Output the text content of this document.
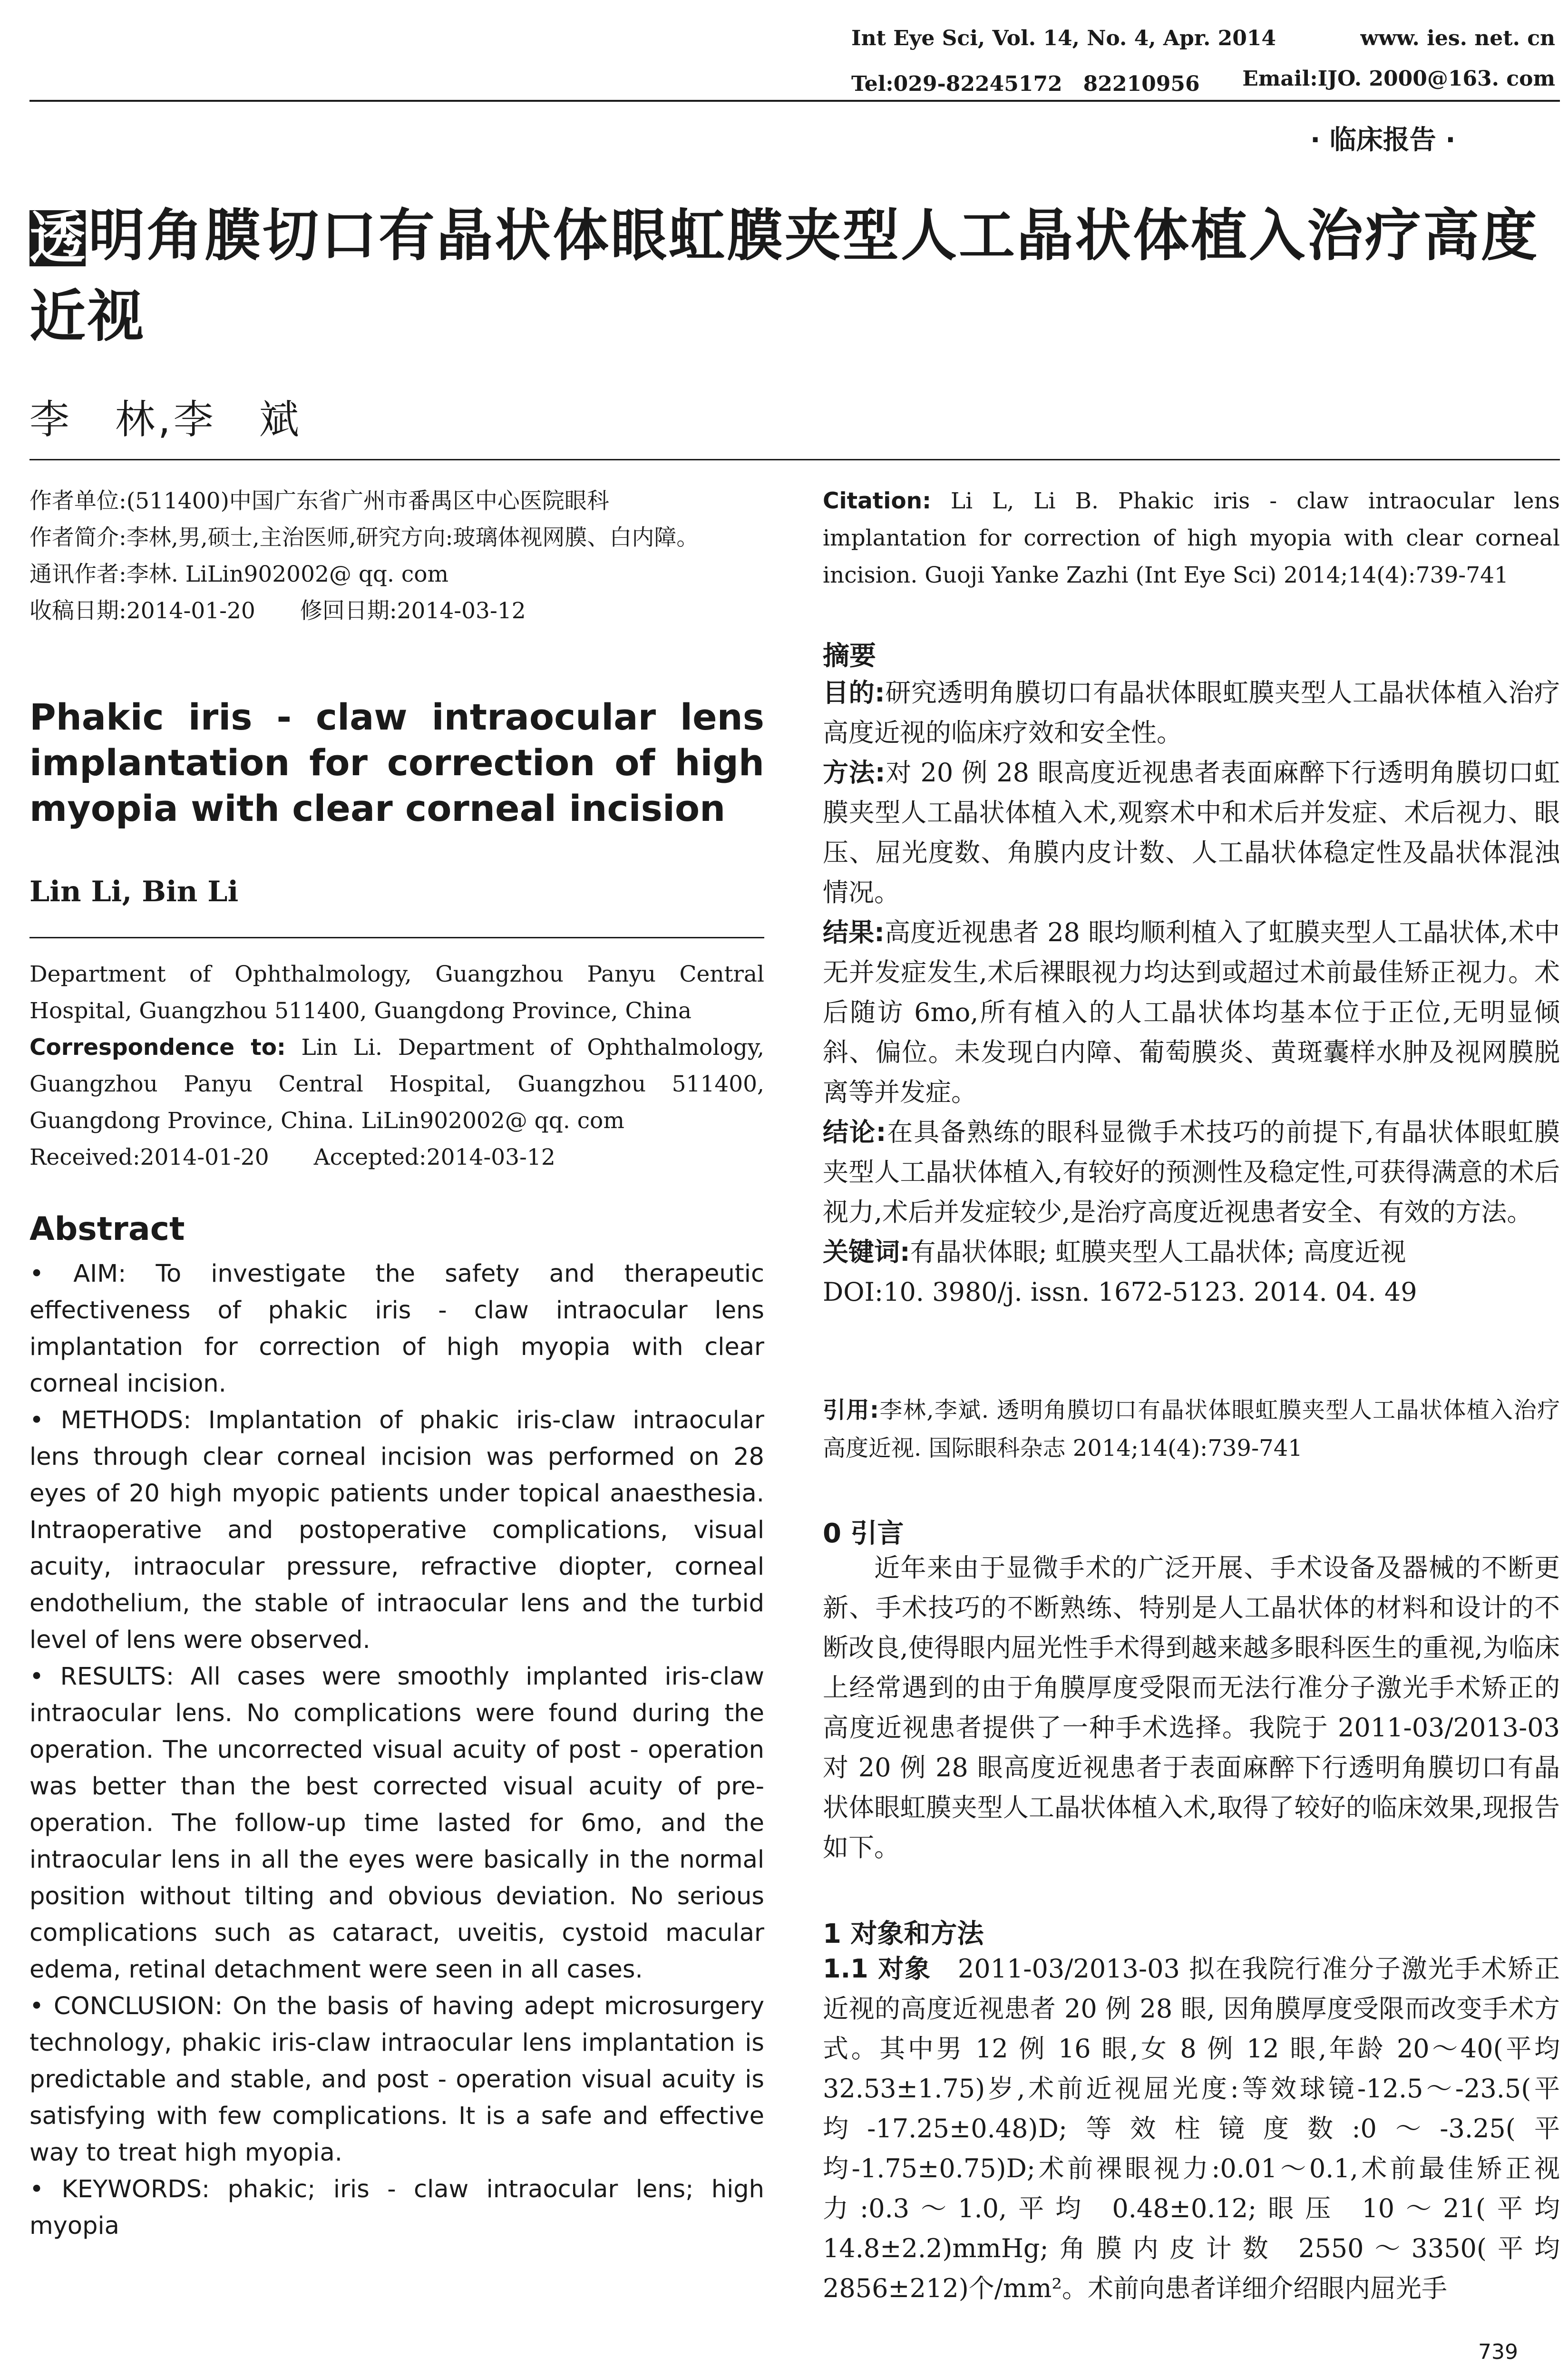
Int Eye Sci, Vol. 14, No. 4, Apr. 2014	www. ies. net. cn
Tel:029-82245172　82210956 Email:IJO. 2000@163. com
· 临床报告 ·
透明角膜切口有晶状体眼虹膜夹型人工晶状体植入治疗高度近视
李　林,李　斌

作者单位:(511400)中国广东省广州市番禺区中心医院眼科

作者简介:李林,男,硕士,主治医师,研究方向:玻璃体视网膜、白内障。

通讯作者:李林. LiLin902002@ qq. com

收稿日期:2014-01-20　　修回日期:2014-03-12

Phakic iris - claw intraocular lens implantation for correction of high myopia with clear corneal incision
Lin Li, Bin Li

Department of Ophthalmology, Guangzhou Panyu Central Hospital, Guangzhou 511400, Guangdong Province, China

Correspondence to: Lin Li. Department of Ophthalmology, Guangzhou Panyu Central Hospital, Guangzhou 511400, Guangdong Province, China. LiLin902002@ qq. com

Received:2014-01-20　　Accepted:2014-03-12

Abstract

• AIM: To investigate the safety and therapeutic effectiveness of phakic iris - claw intraocular lens implantation for correction of high myopia with clear corneal incision.

• METHODS: Implantation of phakic iris-claw intraocular lens through clear corneal incision was performed on 28 eyes of 20 high myopic patients under topical anaesthesia. Intraoperative and postoperative complications, visual acuity, intraocular pressure, refractive diopter, corneal endothelium, the stable of intraocular lens and the turbid level of lens were observed.

• RESULTS: All cases were smoothly implanted iris-claw intraocular lens. No complications were found during the operation. The uncorrected visual acuity of post - operation was better than the best corrected visual acuity of pre-operation. The follow-up time lasted for 6mo, and the intraocular lens in all the eyes were basically in the normal position without tilting and obvious deviation. No serious complications such as cataract, uveitis, cystoid macular edema, retinal detachment were seen in all cases.

• CONCLUSION: On the basis of having adept microsurgery technology, phakic iris-claw intraocular lens implantation is predictable and stable, and post - operation visual acuity is satisfying with few complications. It is a safe and effective way to treat high myopia.

• KEYWORDS: phakic; iris - claw intraocular lens; high myopia

Citation: Li L, Li B. Phakic iris - claw intraocular lens implantation for correction of high myopia with clear corneal incision. Guoji Yanke Zazhi (Int Eye Sci) 2014;14(4):739-741
摘要

目的:研究透明角膜切口有晶状体眼虹膜夹型人工晶状体植入治疗高度近视的临床疗效和安全性。

方法:对 20 例 28 眼高度近视患者表面麻醉下行透明角膜切口虹膜夹型人工晶状体植入术,观察术中和术后并发症、术后视力、眼压、屈光度数、角膜内皮计数、人工晶状体稳定性及晶状体混浊情况。

结果:高度近视患者 28 眼均顺利植入了虹膜夹型人工晶状体,术中无并发症发生,术后裸眼视力均达到或超过术前最佳矫正视力。术后随访 6mo,所有植入的人工晶状体均基本位于正位,无明显倾斜、偏位。未发现白内障、葡萄膜炎、黄斑囊样水肿及视网膜脱离等并发症。

结论:在具备熟练的眼科显微手术技巧的前提下,有晶状体眼虹膜夹型人工晶状体植入,有较好的预测性及稳定性,可获得满意的术后视力,术后并发症较少,是治疗高度近视患者安全、有效的方法。

关键词:有晶状体眼; 虹膜夹型人工晶状体; 高度近视

DOI:10. 3980/j. issn. 1672-5123. 2014. 04. 49

引用:李林,李斌. 透明角膜切口有晶状体眼虹膜夹型人工晶状体植入治疗高度近视. 国际眼科杂志 2014;14(4):739-741
0 引言

近年来由于显微手术的广泛开展、手术设备及器械的不断更新、手术技巧的不断熟练、特别是人工晶状体的材料和设计的不断改良,使得眼内屈光性手术得到越来越多眼科医生的重视,为临床上经常遇到的由于角膜厚度受限而无法行准分子激光手术矫正的高度近视患者提供了一种手术选择。我院于 2011-03/2013-03 对 20 例 28 眼高度近视患者于表面麻醉下行透明角膜切口有晶状体眼虹膜夹型人工晶状体植入术,取得了较好的临床效果,现报告如下。

1 对象和方法

1.1 对象　2011-03/2013-03 拟在我院行准分子激光手术矫正近视的高度近视患者 20 例 28 眼, 因角膜厚度受限而改变手术方式。其中男 12 例 16 眼,女 8 例 12 眼,年龄 20～40(平均 32.53±1.75)岁,术前近视屈光度:等效球镜-12.5～-23.5(平均-17.25±0.48)D;等效柱镜度数:0～-3.25(平均-1.75±0.75)D;术前裸眼视力:0.01～0.1,术前最佳矫正视力:0.3～1.0,平均 0.48±0.12;眼压 10～21(平均 14.8±2.2)mmHg;角膜内皮计数 2550～3350(平均 2856±212)个/mm²。术前向患者详细介绍眼内屈光手

739
